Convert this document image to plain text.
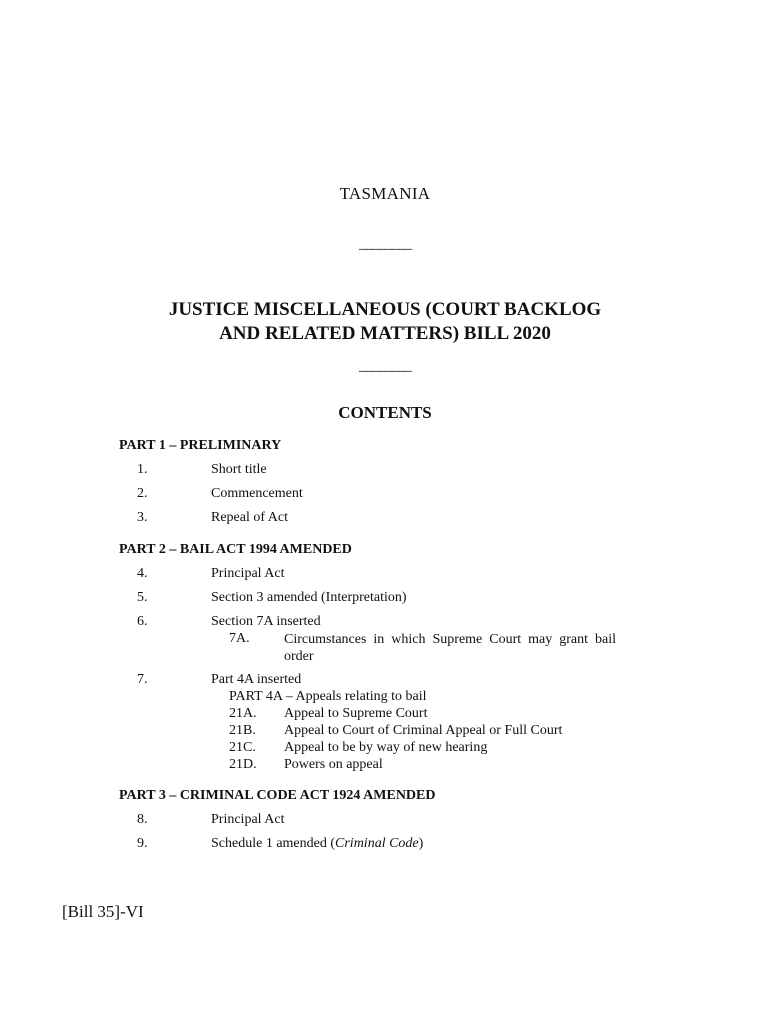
TASMANIA
________
JUSTICE MISCELLANEOUS (COURT BACKLOG
AND RELATED MATTERS) BILL 2020
________
CONTENTS
PART 1 – PRELIMINARY
1.	Short title
2.	Commencement
3.	Repeal of Act
PART 2 – BAIL ACT 1994 AMENDED
4.	Principal Act
5.	Section 3 amended (Interpretation)
6.	Section 7A inserted
7A. Circumstances in which Supreme Court may grant bail order
7.	Part 4A inserted
PART 4A – Appeals relating to bail
21A. Appeal to Supreme Court
21B. Appeal to Court of Criminal Appeal or Full Court
21C. Appeal to be by way of new hearing
21D. Powers on appeal
PART 3 – CRIMINAL CODE ACT 1924 AMENDED
8.	Principal Act
9.	Schedule 1 amended (Criminal Code)
[Bill 35]-VI
